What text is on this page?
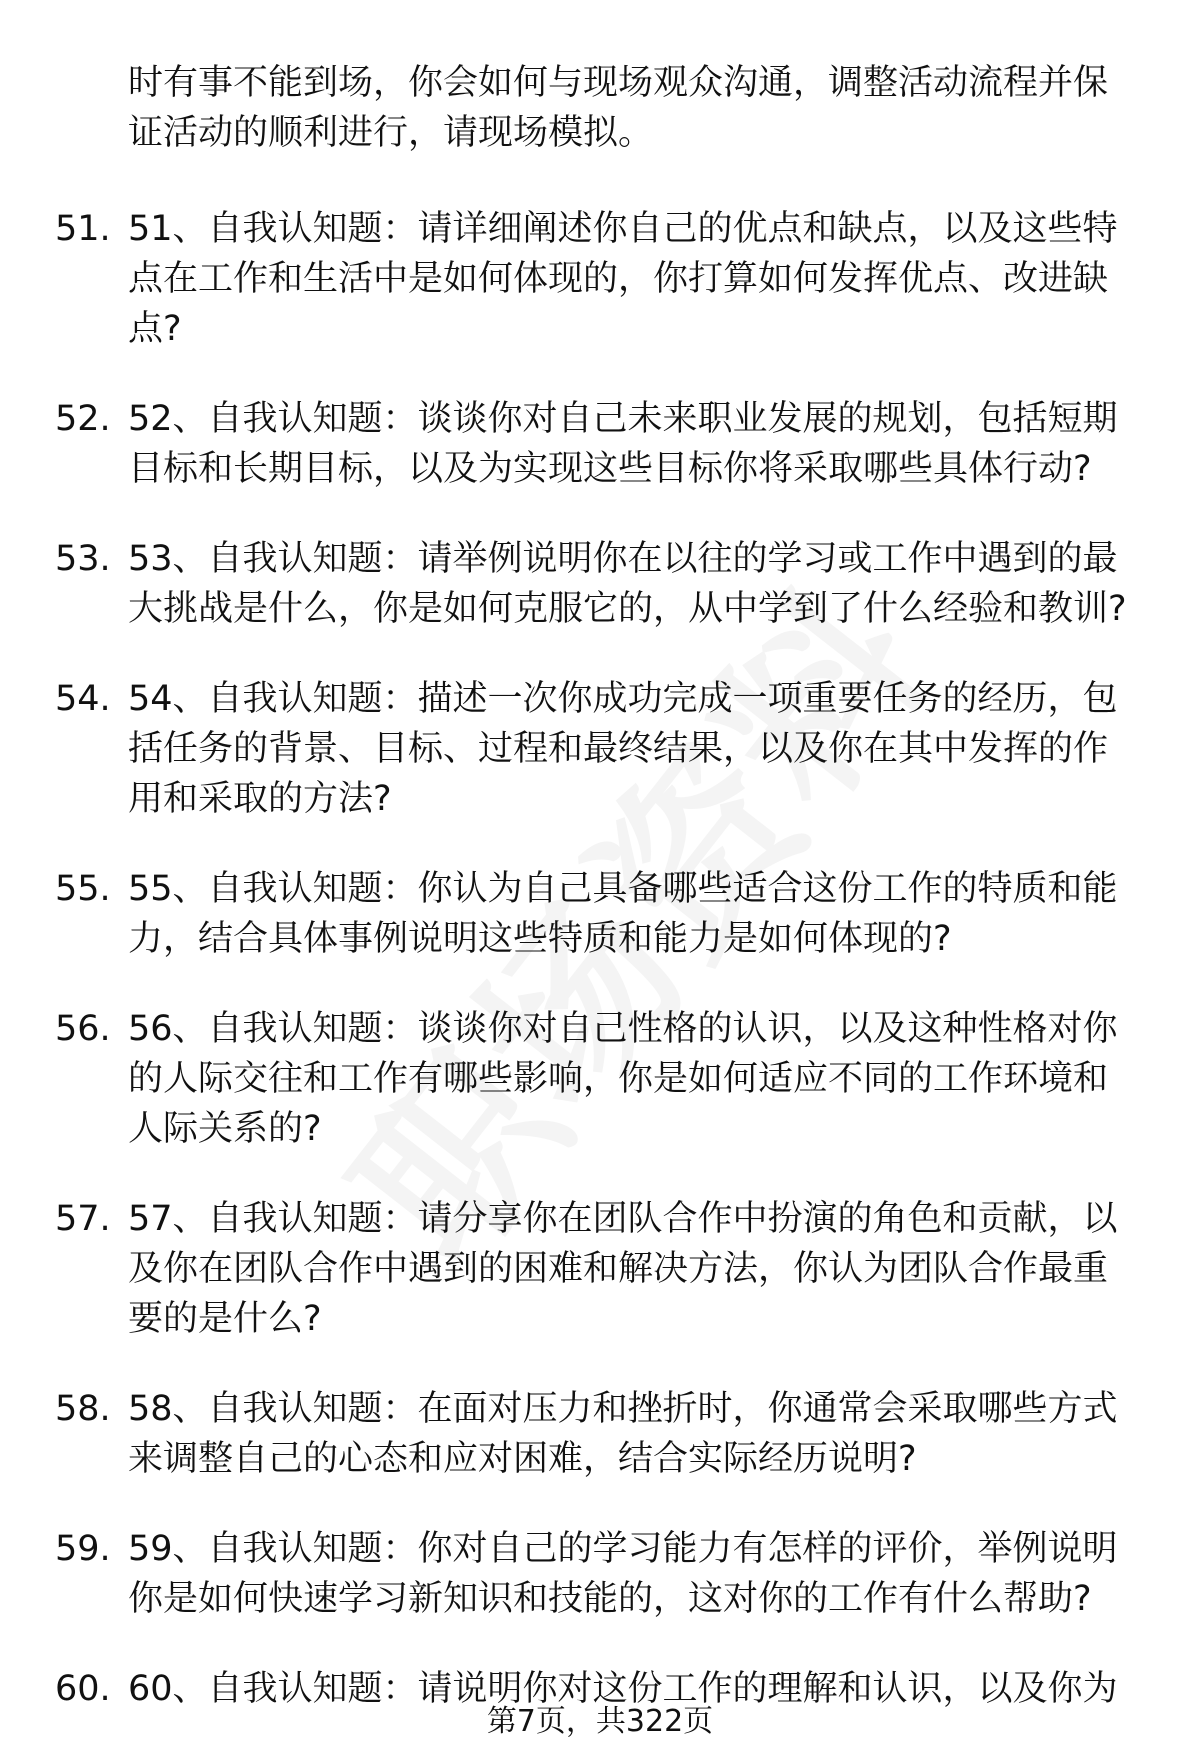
时有事不能到场，你会如何与现场观众沟通，调整活动流程并保证活动的顺利进行，请现场模拟。
51. 51、自我认知题：请详细阐述你自己的优点和缺点，以及这些特点在工作和生活中是如何体现的，你打算如何发挥优点、改进缺点?
52. 52、自我认知题：谈谈你对自己未来职业发展的规划，包括短期目标和长期目标，以及为实现这些目标你将采取哪些具体行动?
53. 53、自我认知题：请举例说明你在以往的学习或工作中遇到的最大挑战是什么，你是如何克服它的，从中学到了什么经验和教训?
54. 54、自我认知题：描述一次你成功完成一项重要任务的经历，包括任务的背景、目标、过程和最终结果，以及你在其中发挥的作用和采取的方法?
55. 55、自我认知题：你认为自己具备哪些适合这份工作的特质和能力，结合具体事例说明这些特质和能力是如何体现的?
56. 56、自我认知题：谈谈你对自己性格的认识，以及这种性格对你的人际交往和工作有哪些影响，你是如何适应不同的工作环境和人际关系的?
57. 57、自我认知题：请分享你在团队合作中扮演的角色和贡献，以及你在团队合作中遇到的困难和解决方法，你认为团队合作最重要的是什么?
58. 58、自我认知题：在面对压力和挫折时，你通常会采取哪些方式来调整自己的心态和应对困难，结合实际经历说明?
59. 59、自我认知题：你对自己的学习能力有怎样的评价，举例说明你是如何快速学习新知识和技能的，这对你的工作有什么帮助?
60. 60、自我认知题：请说明你对这份工作的理解和认识，以及你为
第7页，共322页
